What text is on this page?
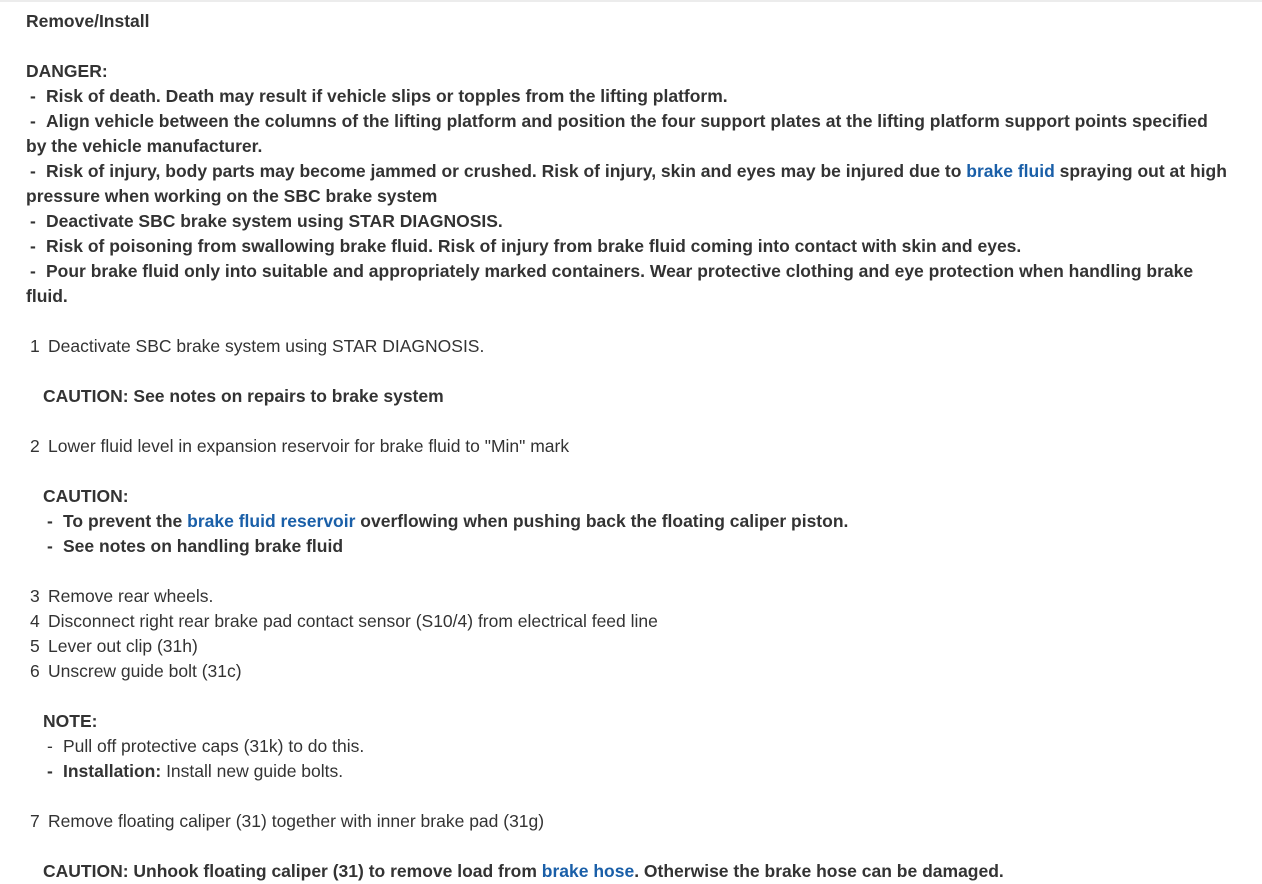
Remove/Install
DANGER:
- Risk of death. Death may result if vehicle slips or topples from the lifting platform.
- Align vehicle between the columns of the lifting platform and position the four support plates at the lifting platform support points specified by the vehicle manufacturer.
- Risk of injury, body parts may become jammed or crushed. Risk of injury, skin and eyes may be injured due to brake fluid spraying out at high pressure when working on the SBC brake system
- Deactivate SBC brake system using STAR DIAGNOSIS.
- Risk of poisoning from swallowing brake fluid. Risk of injury from brake fluid coming into contact with skin and eyes.
- Pour brake fluid only into suitable and appropriately marked containers. Wear protective clothing and eye protection when handling brake fluid.
1 Deactivate SBC brake system using STAR DIAGNOSIS.
CAUTION: See notes on repairs to brake system
2 Lower fluid level in expansion reservoir for brake fluid to "Min" mark
CAUTION:
- To prevent the brake fluid reservoir overflowing when pushing back the floating caliper piston.
- See notes on handling brake fluid
3 Remove rear wheels.
4 Disconnect right rear brake pad contact sensor (S10/4) from electrical feed line
5 Lever out clip (31h)
6 Unscrew guide bolt (31c)
NOTE:
- Pull off protective caps (31k) to do this.
- Installation: Install new guide bolts.
7 Remove floating caliper (31) together with inner brake pad (31g)
CAUTION: Unhook floating caliper (31) to remove load from brake hose. Otherwise the brake hose can be damaged.
